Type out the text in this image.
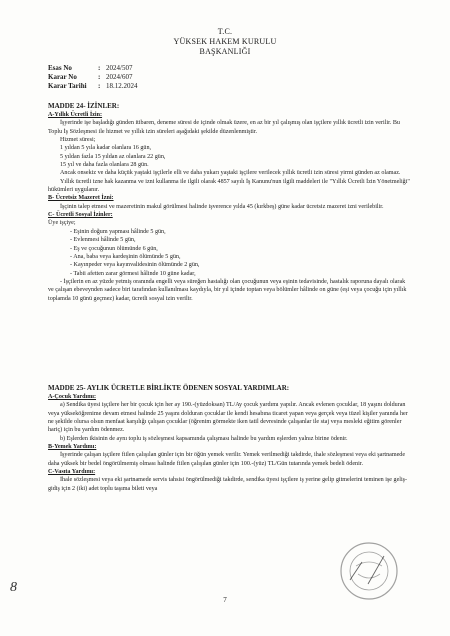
T.C.
YÜKSEK HAKEM KURULU
BAŞKANLIĞI
Esas No	: 2024/507
Karar No	: 2024/607
Karar Tarihi : 18.12.2024

MADDE 24- İZİNLER:

A-Yıllık Ücretli İzin:

İşyerinde işe başladığı günden itibaren, deneme süresi de içinde olmak üzere, en az bir yıl çalışmış olan işçilere yıllık ücretli izin verilir. Bu Toplu İş Sözleşmesi ile hizmet ve yıllık izin süreleri aşağıdaki şekilde düzenlenmiştir.

Hizmet süresi;

1 yıldan 5 yıla kadar olanlara 16 gün,

5 yıldan fazla 15 yıldan az olanlara 22 gün,

15 yıl ve daha fazla olanlara 28 gün.

Ancak onsekiz ve daha küçük yaştaki işçilerle elli ve daha yukarı yaştaki işçilere verilecek yıllık ücretli izin süresi yirmi günden az olamaz.

Yıllık ücretli izne hak kazanma ve izni kullanma ile ilgili olarak 4857 sayılı İş Kanunu'nun ilgili maddeleri ile "Yıllık Ücretli İzin Yönetmeliği" hükümleri uygulanır.

B- Ücretsiz Mazeret İzni:

İşçinin talep etmesi ve mazeretinin makul görülmesi halinde işverence yılda 45 (kırkbeş) güne kadar ücretsiz mazeret izni verilebilir.

C- Ücretli Sosyal İzinler:

Üye işçiye;

- Eşinin doğum yapması hâlinde 5 gün,

- Evlenmesi hâlinde 5 gün,

- Eş ve çocuğunun ölümünde 6 gün,

- Ana, baba veya kardeşinin ölümünde 5 gün,

- Kayınpeder veya kayınvalidesinin ölümünde 2 gün,

- Tabii afetten zarar görmesi hâlinde 10 güne kadar,

- İşçilerin en az yüzde yetmiş oranında engelli veya süreğen hastalığı olan çocuğunun veya eşinin tedavisinde, hastalık raporuna dayalı olarak ve çalışan ebeveynden sadece biri tarafından kullanılması kaydıyla, bir yıl içinde toptan veya bölümler hâlinde on güne (eşi veya çocuğu için yıllık toplamda 10 günü geçmez) kadar, ücretli sosyal izin verilir.

MADDE 25- AYLIK ÜCRETLE BİRLİKTE ÖDENEN SOSYAL YARDIMLAR:

A-Çocuk Yardımı:

a) Sendika üyesi işçilere her bir çocuk için her ay 190.-(yüzdoksan) TL/Ay çocuk yardımı yapılır. Ancak evlenen çocuklar, 18 yaşını dolduran veya yükseköğrenime devam etmesi halinde 25 yaşını dolduran çocuklar ile kendi hesabına ticaret yapan veya gerçek veya tüzel kişiler yanında her ne şekilde olursa olsun menfaat karşılığı çalışan çocuklar (öğrenim görmekte iken tatil devresinde çalışanlar ile staj veya mesleki eğitim görenler hariç) için bu yardım ödenmez.

b) Eşlerden ikisinin de aynı toplu iş sözleşmesi kapsamında çalışması halinde bu yardım eşlerden yalnız birine ödenir.

B-Yemek Yardımı:

İşyerinde çalışan işçilere fiilen çalışılan günler için bir öğün yemek verilir. Yemek verilmediği takdirde, ihale sözleşmesi veya eki şartnamede daha yüksek bir bedel öngörülmemiş olması halinde fiilen çalışılan günler için 100.-(yüz) TL/Gün tutarında yemek bedeli ödenir.

C-Vasıta Yardımı:

İhale sözleşmesi veya eki şartnamede servis tahsisi öngörülmediği takdirde, sendika üyesi işçilere iş yerine gelip gitmelerini teminen işe geliş-gidiş için 2 (iki) adet toplu taşıma bileti veya

8
7
